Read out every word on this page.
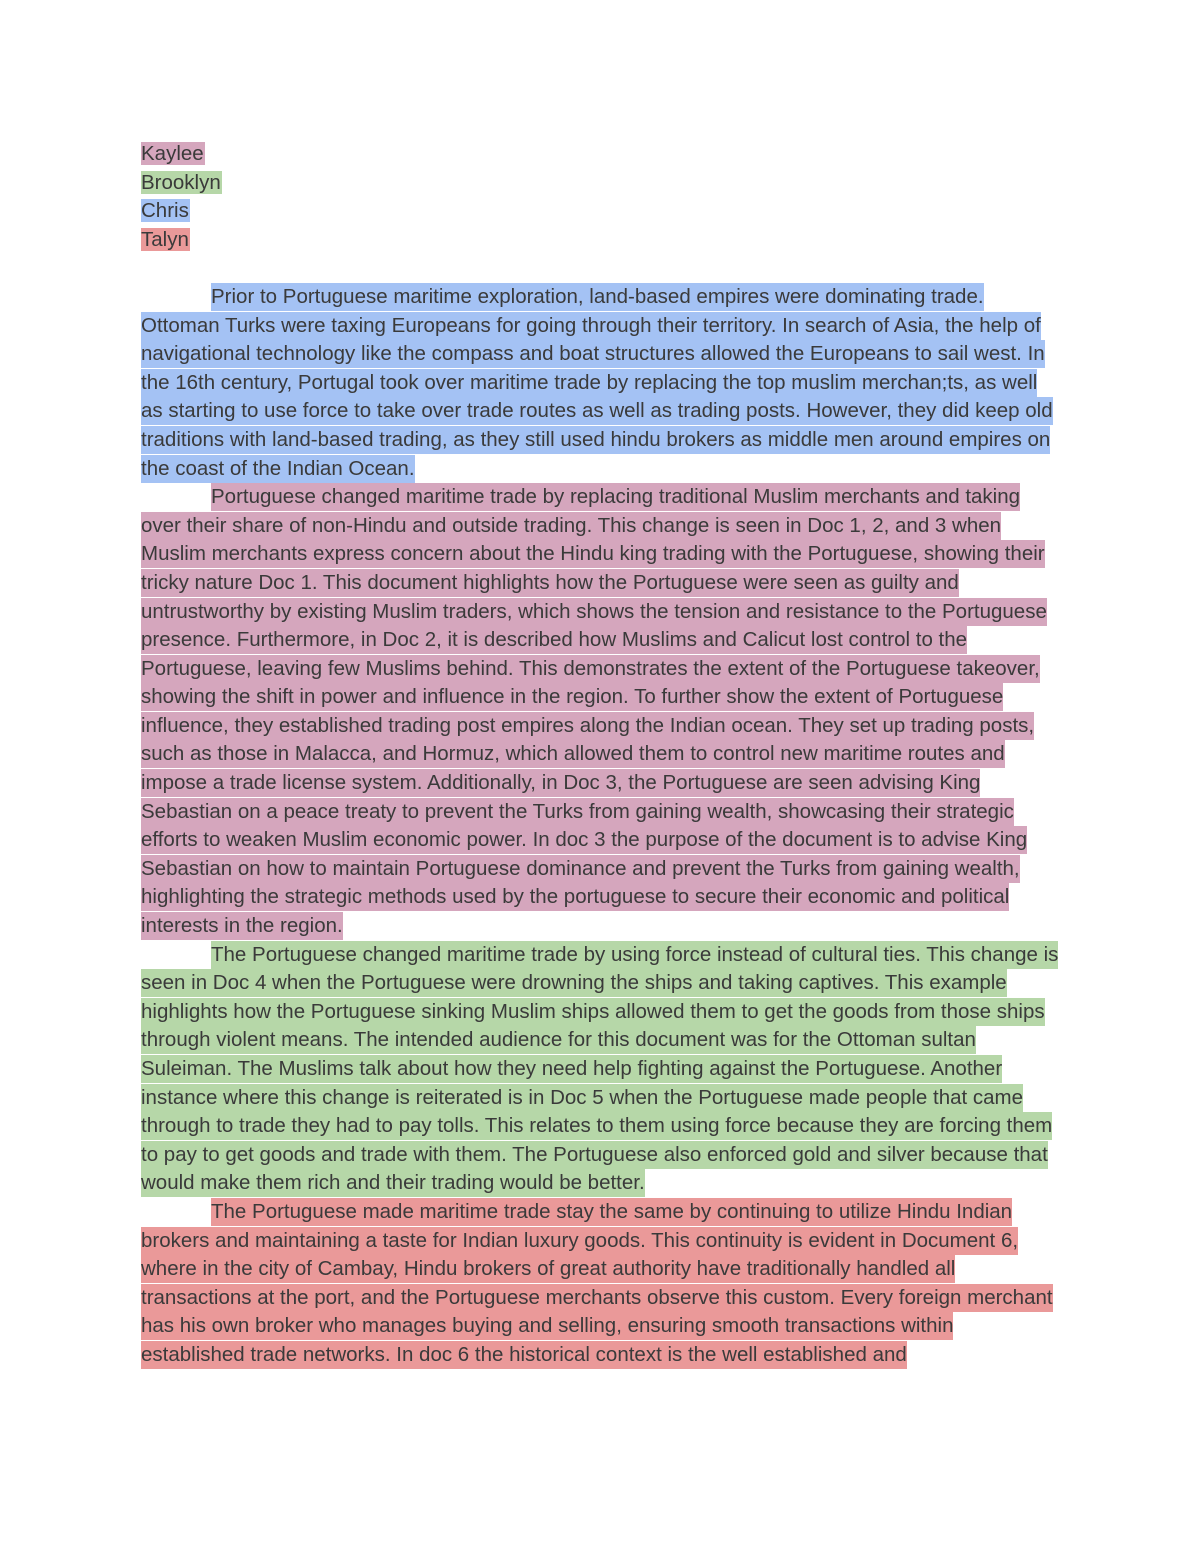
Kaylee
Brooklyn
Chris
Talyn

Prior to Portuguese maritime exploration, land-based empires were dominating trade. Ottoman Turks were taxing Europeans for going through their territory. In search of Asia, the help of navigational technology like the compass and boat structures allowed the Europeans to sail west. In the 16th century, Portugal took over maritime trade by replacing the top muslim merchan;ts, as well as starting to use force to take over trade routes as well as trading posts. However, they did keep old traditions with land-based trading, as they still used hindu brokers as middle men around empires on the coast of the Indian Ocean.

Portuguese changed maritime trade by replacing traditional Muslim merchants and taking over their share of non-Hindu and outside trading. This change is seen in Doc 1, 2, and 3 when Muslim merchants express concern about the Hindu king trading with the Portuguese, showing their tricky nature Doc 1. This document highlights how the Portuguese were seen as guilty and untrustworthy by existing Muslim traders, which shows the tension and resistance to the Portuguese presence. Furthermore, in Doc 2, it is described how Muslims and Calicut lost control to the Portuguese, leaving few Muslims behind. This demonstrates the extent of the Portuguese takeover, showing the shift in power and influence in the region. To further show the extent of Portuguese influence, they established trading post empires along the Indian ocean. They set up trading posts, such as those in Malacca, and Hormuz, which allowed them to control new maritime routes and impose a trade license system. Additionally, in Doc 3, the Portuguese are seen advising King Sebastian on a peace treaty to prevent the Turks from gaining wealth, showcasing their strategic efforts to weaken Muslim economic power. In doc 3 the purpose of the document is to advise King Sebastian on how to maintain Portuguese dominance and prevent the Turks from gaining wealth, highlighting the strategic methods used by the portuguese to secure their economic and political interests in the region.

The Portuguese changed maritime trade by using force instead of cultural ties. This change is seen in Doc 4 when the Portuguese were drowning the ships and taking captives. This example highlights how the Portuguese sinking Muslim ships allowed them to get the goods from those ships through violent means. The intended audience for this document was for the Ottoman sultan Suleiman. The Muslims talk about how they need help fighting against the Portuguese. Another instance where this change is reiterated is in Doc 5 when the Portuguese made people that came through to trade they had to pay tolls. This relates to them using force because they are forcing them to pay to get goods and trade with them. The Portuguese also enforced gold and silver because that would make them rich and their trading would be better.

The Portuguese made maritime trade stay the same by continuing to utilize Hindu Indian brokers and maintaining a taste for Indian luxury goods. This continuity is evident in Document 6, where in the city of Cambay, Hindu brokers of great authority have traditionally handled all transactions at the port, and the Portuguese merchants observe this custom. Every foreign merchant has his own broker who manages buying and selling, ensuring smooth transactions within established trade networks. In doc 6 the historical context is the well established and
